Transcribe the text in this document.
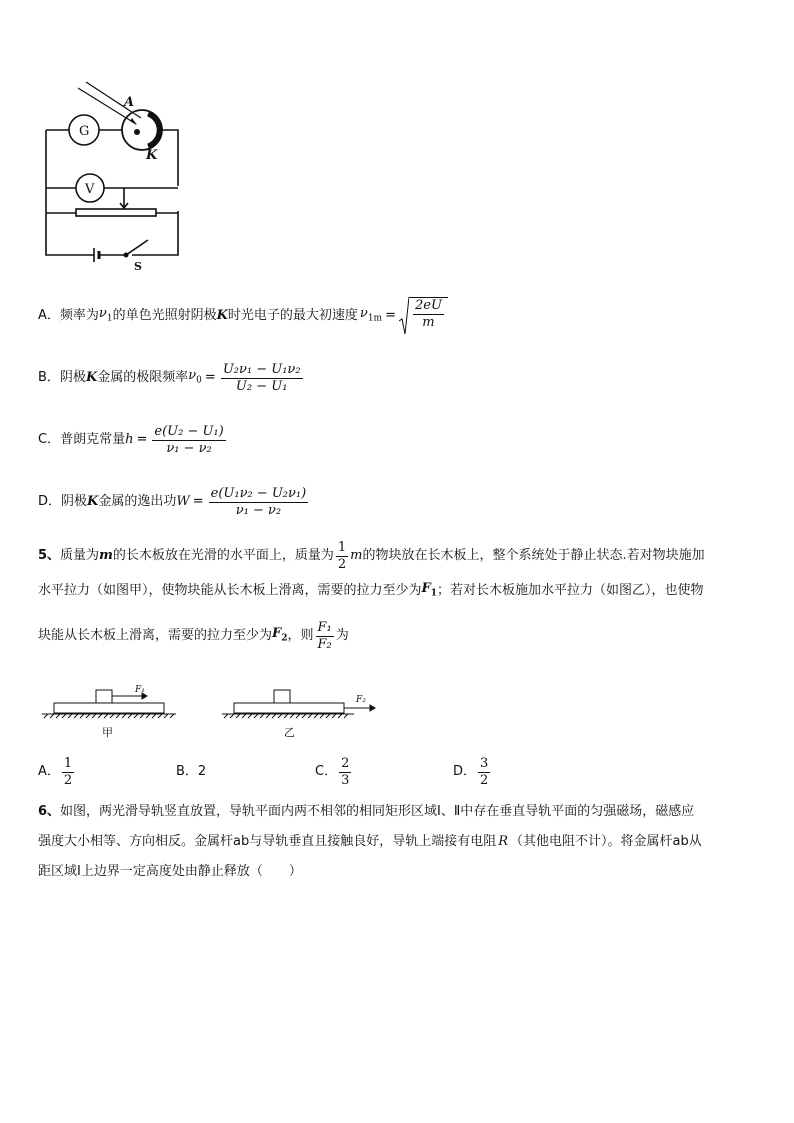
G
V
A
K
S
A． 频率为 $\nu_1$ 的单色光照射阴极 K 时光电子的最大初速度 $\nu_{1m} = \frac{2eU}{m}$
B． 阴极 K 金属的极限频率 $\nu_0 = \frac{\text{U₂ν₁ − U₁ν₂}}{\text{U₂ − U₁}}$
C． 普朗克常量 $h = \frac{\text{e(U₂ − U₁)}}{\text{ν₁ − ν₂}}$
D． 阴极 K 金属的逸出功 $W = \frac{\text{e(U₁ν₂ − U₂ν₁)}}{\text{ν₁ − ν₂}}$
5、 质量为 m 的长木板放在光滑的水平面上，质量为 $\frac{1}{2}$ m 的物块放在长木板上，整个系统处于静止状态.若对物块施加
水平拉力（如图甲），使物块能从长木板上滑离，需要的拉力至少为 $F_1$ ；若对长木板施加水平拉力（如图乙），也使物
块能从长木板上滑离，需要的拉力至少为 $F_2$ ，则 $\frac{\text{F₁}}{\text{F₂}}$ 为
F₁
F₂
甲	乙
A． $\frac{1}{2}$	B． 2	C． $\frac{2}{3}$	D． $\frac{3}{2}$
6、如图，两光滑导轨竖直放置，导轨平面内两不相邻的相同矩形区域Ⅰ、Ⅱ中存在垂直导轨平面的匀强磁场，磁感应
强度大小相等、方向相反。金属杆ab与导轨垂直且接触良好，导轨上端接有电阻 R （其他电阻不计）。将金属杆ab从
距区域Ⅰ上边界一定高度处由静止释放（　　）
